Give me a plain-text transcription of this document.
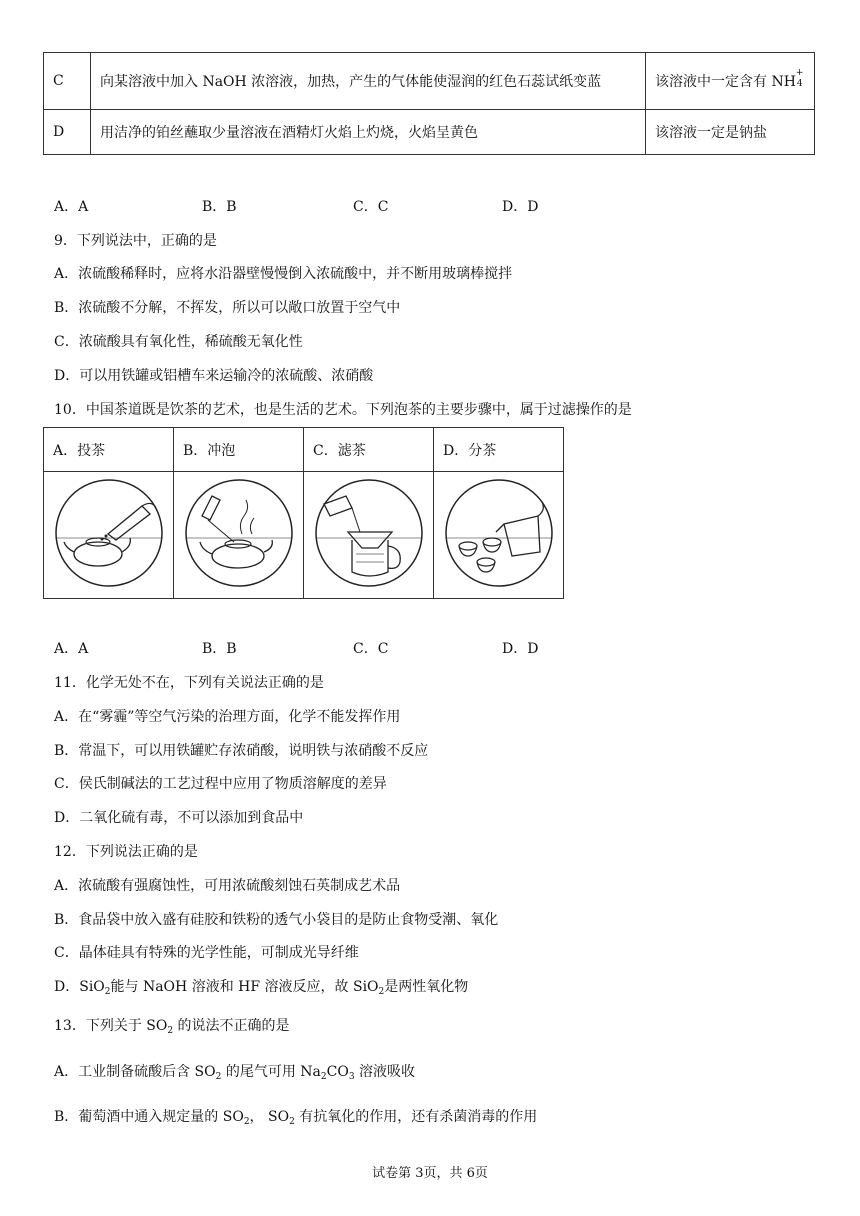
C	向某溶液中加入 NaOH 浓溶液，加热，产生的气体能使湿润的红色石蕊试纸变蓝	该溶液中一定含有 NH
+
4

D	用洁净的铂丝蘸取少量溶液在酒精灯火焰上灼烧，火焰呈黄色	该溶液一定是钠盐
A．A	B．B	C．C	D．D
9．下列说法中，正确的是
A．浓硫酸稀释时，应将水沿器壁慢慢倒入浓硫酸中，并不断用玻璃棒搅拌
B．浓硫酸不分解，不挥发，所以可以敞口放置于空气中
C．浓硫酸具有氧化性，稀硫酸无氧化性
D．可以用铁罐或铝槽车来运输冷的浓硫酸、浓硝酸
10．中国茶道既是饮茶的艺术，也是生活的艺术。下列泡茶的主要步骤中，属于过滤操作的是
A．投茶	B．冲泡	C．滤茶	D．分茶

A．A	B．B	C．C	D．D
11．化学无处不在，下列有关说法正确的是
A．在“雾霾”等空气污染的治理方面，化学不能发挥作用
B．常温下，可以用铁罐贮存浓硝酸，说明铁与浓硝酸不反应
C．侯氏制碱法的工艺过程中应用了物质溶解度的差异
D．二氧化硫有毒，不可以添加到食品中
12．下列说法正确的是
A．浓硫酸有强腐蚀性，可用浓硫酸刻蚀石英制成艺术品
B．食品袋中放入盛有硅胶和铁粉的透气小袋目的是防止食物受潮、氧化
C．晶体硅具有特殊的光学性能，可制成光导纤维
D．SiO$_2$能与 NaOH 溶液和 HF 溶液反应，故 SiO$_2$是两性氧化物
13．下列关于 $SO_2$ 的说法不正确的是
A．工业制备硫酸后含 $SO_2$ 的尾气可用 $Na_2CO_3$ 溶液吸收
B．葡萄酒中通入规定量的 $SO_2$， $SO_2$ 有抗氧化的作用，还有杀菌消毒的作用
试卷第 3页，共 6页
